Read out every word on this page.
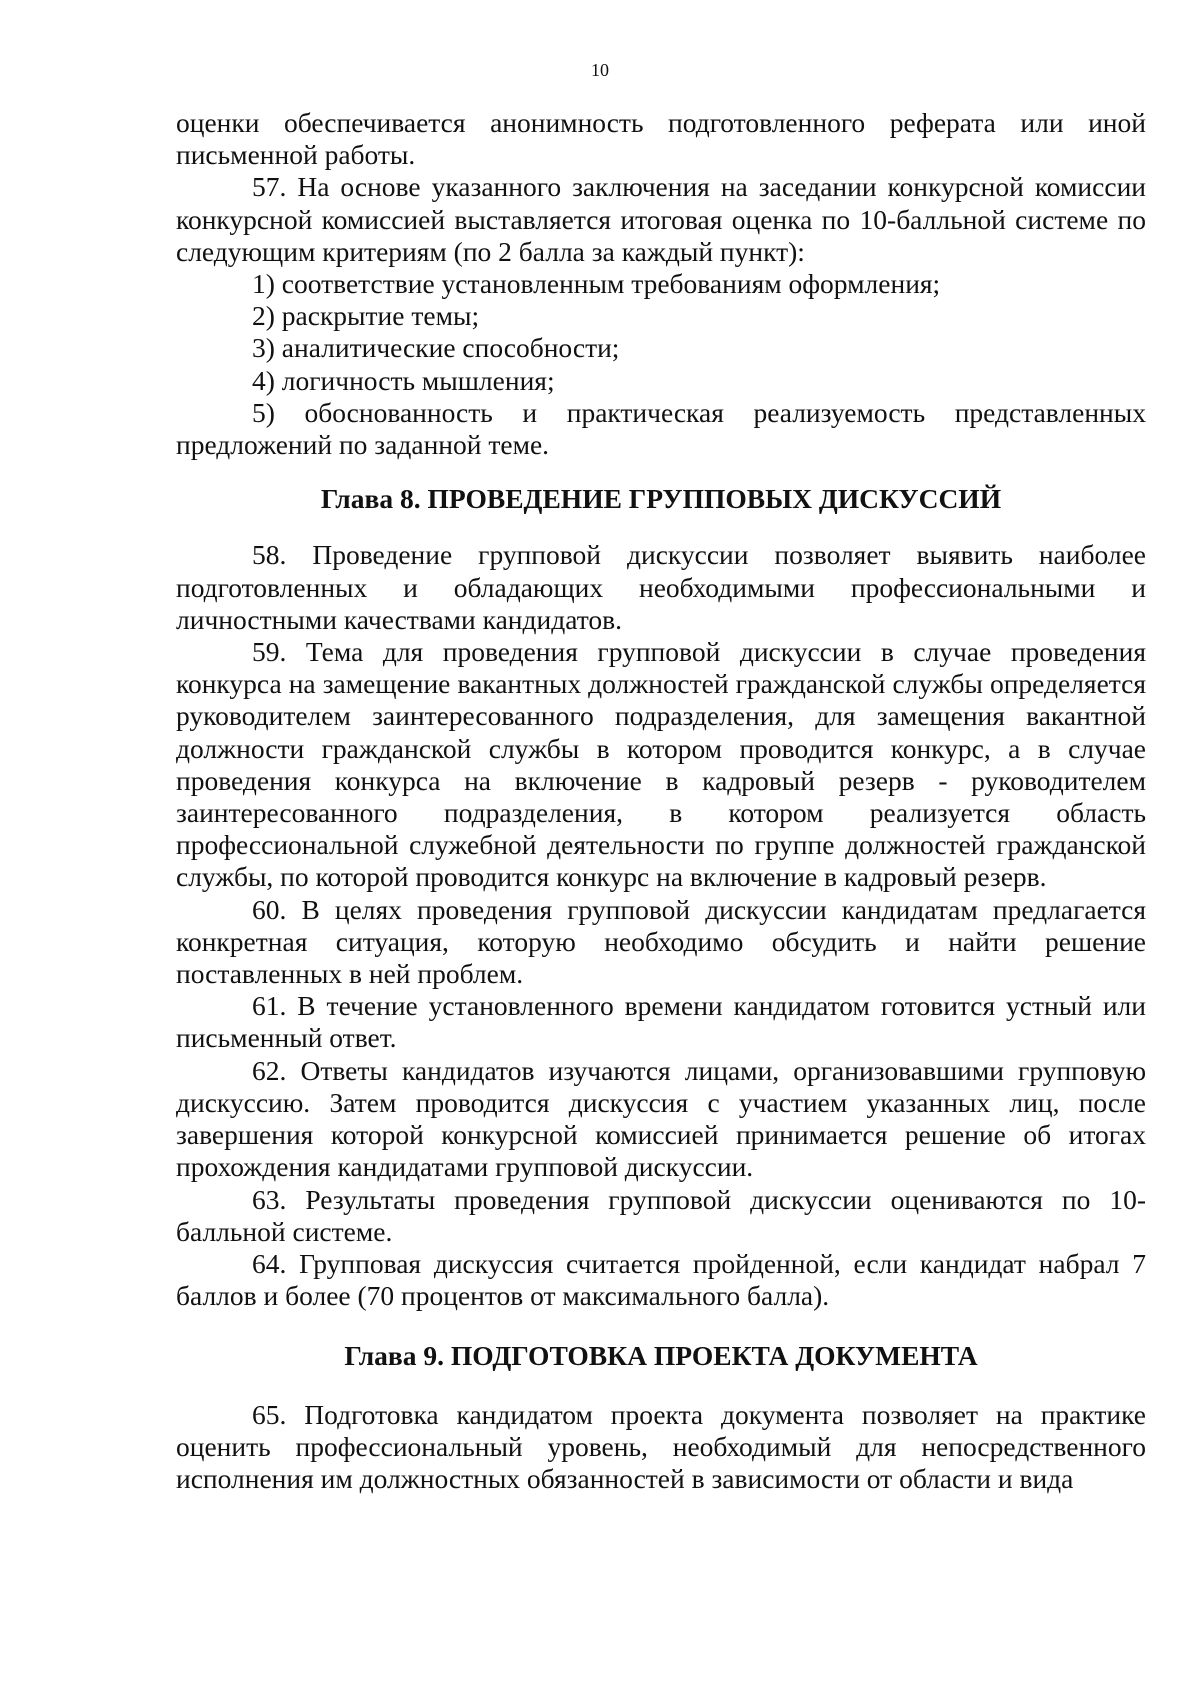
10

оценки обеспечивается анонимность подготовленного реферата или иной письменной работы.

57. На основе указанного заключения на заседании конкурсной комиссии конкурсной комиссией выставляется итоговая оценка по 10-балльной системе по следующим критериям (по 2 балла за каждый пункт):

1) соответствие установленным требованиям оформления;

2) раскрытие темы;

3) аналитические способности;

4) логичность мышления;

5) обоснованность и практическая реализуемость представленных предложений по заданной теме.

Глава 8. ПРОВЕДЕНИЕ ГРУППОВЫХ ДИСКУССИЙ

58. Проведение групповой дискуссии позволяет выявить наиболее подготовленных и обладающих необходимыми профессиональными и личностными качествами кандидатов.

59. Тема для проведения групповой дискуссии в случае проведения конкурса на замещение вакантных должностей гражданской службы определяется руководителем заинтересованного подразделения, для замещения вакантной должности гражданской службы в котором проводится конкурс, а в случае проведения конкурса на включение в кадровый резерв - руководителем заинтересованного подразделения, в котором реализуется область профессиональной служебной деятельности по группе должностей гражданской службы, по которой проводится конкурс на включение в кадровый резерв.

60. В целях проведения групповой дискуссии кандидатам предлагается конкретная ситуация, которую необходимо обсудить и найти решение поставленных в ней проблем.

61. В течение установленного времени кандидатом готовится устный или письменный ответ.

62. Ответы кандидатов изучаются лицами, организовавшими групповую дискуссию. Затем проводится дискуссия с участием указанных лиц, после завершения которой конкурсной комиссией принимается решение об итогах прохождения кандидатами групповой дискуссии.

63. Результаты проведения групповой дискуссии оцениваются по 10-балльной системе.

64. Групповая дискуссия считается пройденной, если кандидат набрал 7 баллов и более (70 процентов от максимального балла).

Глава 9. ПОДГОТОВКА ПРОЕКТА ДОКУМЕНТА

65. Подготовка кандидатом проекта документа позволяет на практике оценить профессиональный уровень, необходимый для непосредственного исполнения им должностных обязанностей в зависимости от области и вида
